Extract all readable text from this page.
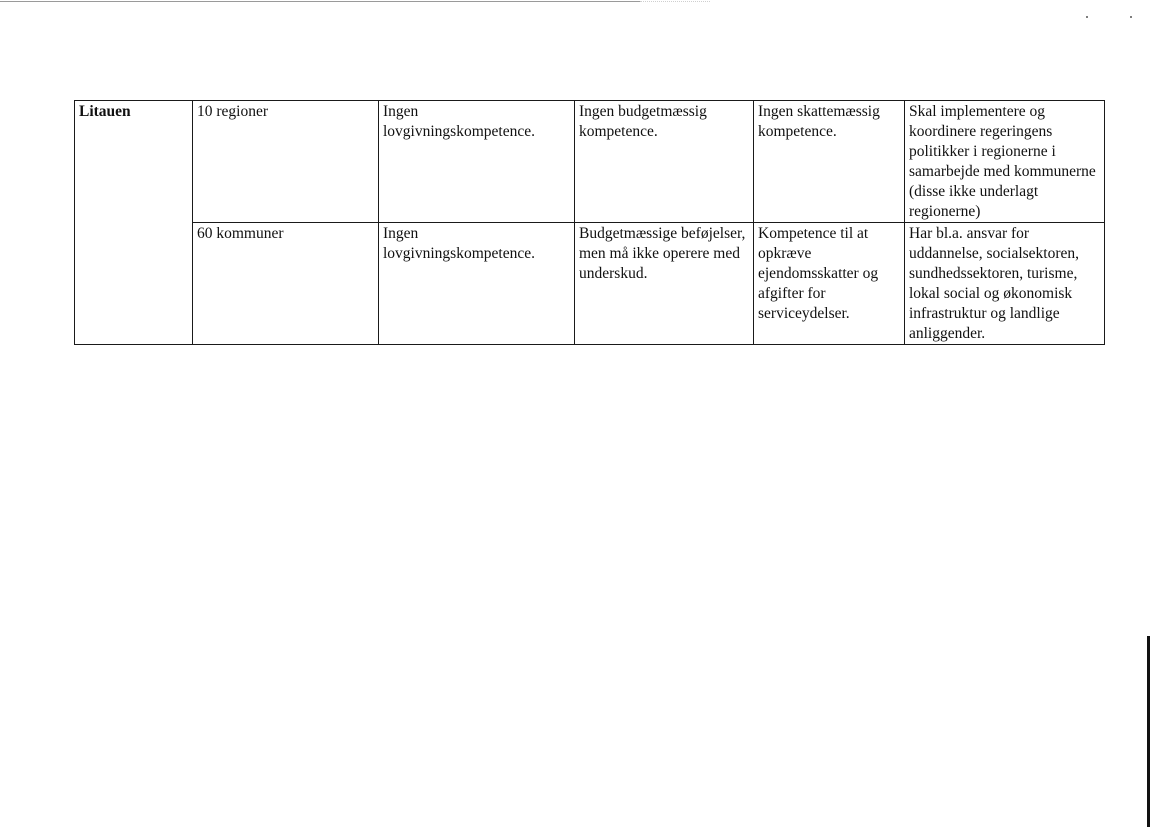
Litauen	10 regioner	Ingen lovgivningskompetence.	Ingen budgetmæssig kompetence.	Ingen skattemæssig kompetence.	Skal implementere og koordinere regeringens politikker i regionerne i samarbejde med kommunerne (disse ikke underlagt regionerne)
	60 kommuner	Ingen lovgivningskompetence.	Budgetmæssige beføjelser, men må ikke operere med underskud.	Kompetence til at opkræve ejendomsskatter og afgifter for serviceydelser.	Har bl.a. ansvar for uddannelse, socialsektoren, sundhedssektoren, turisme, lokal social og økonomisk infrastruktur og landlige anliggender.
